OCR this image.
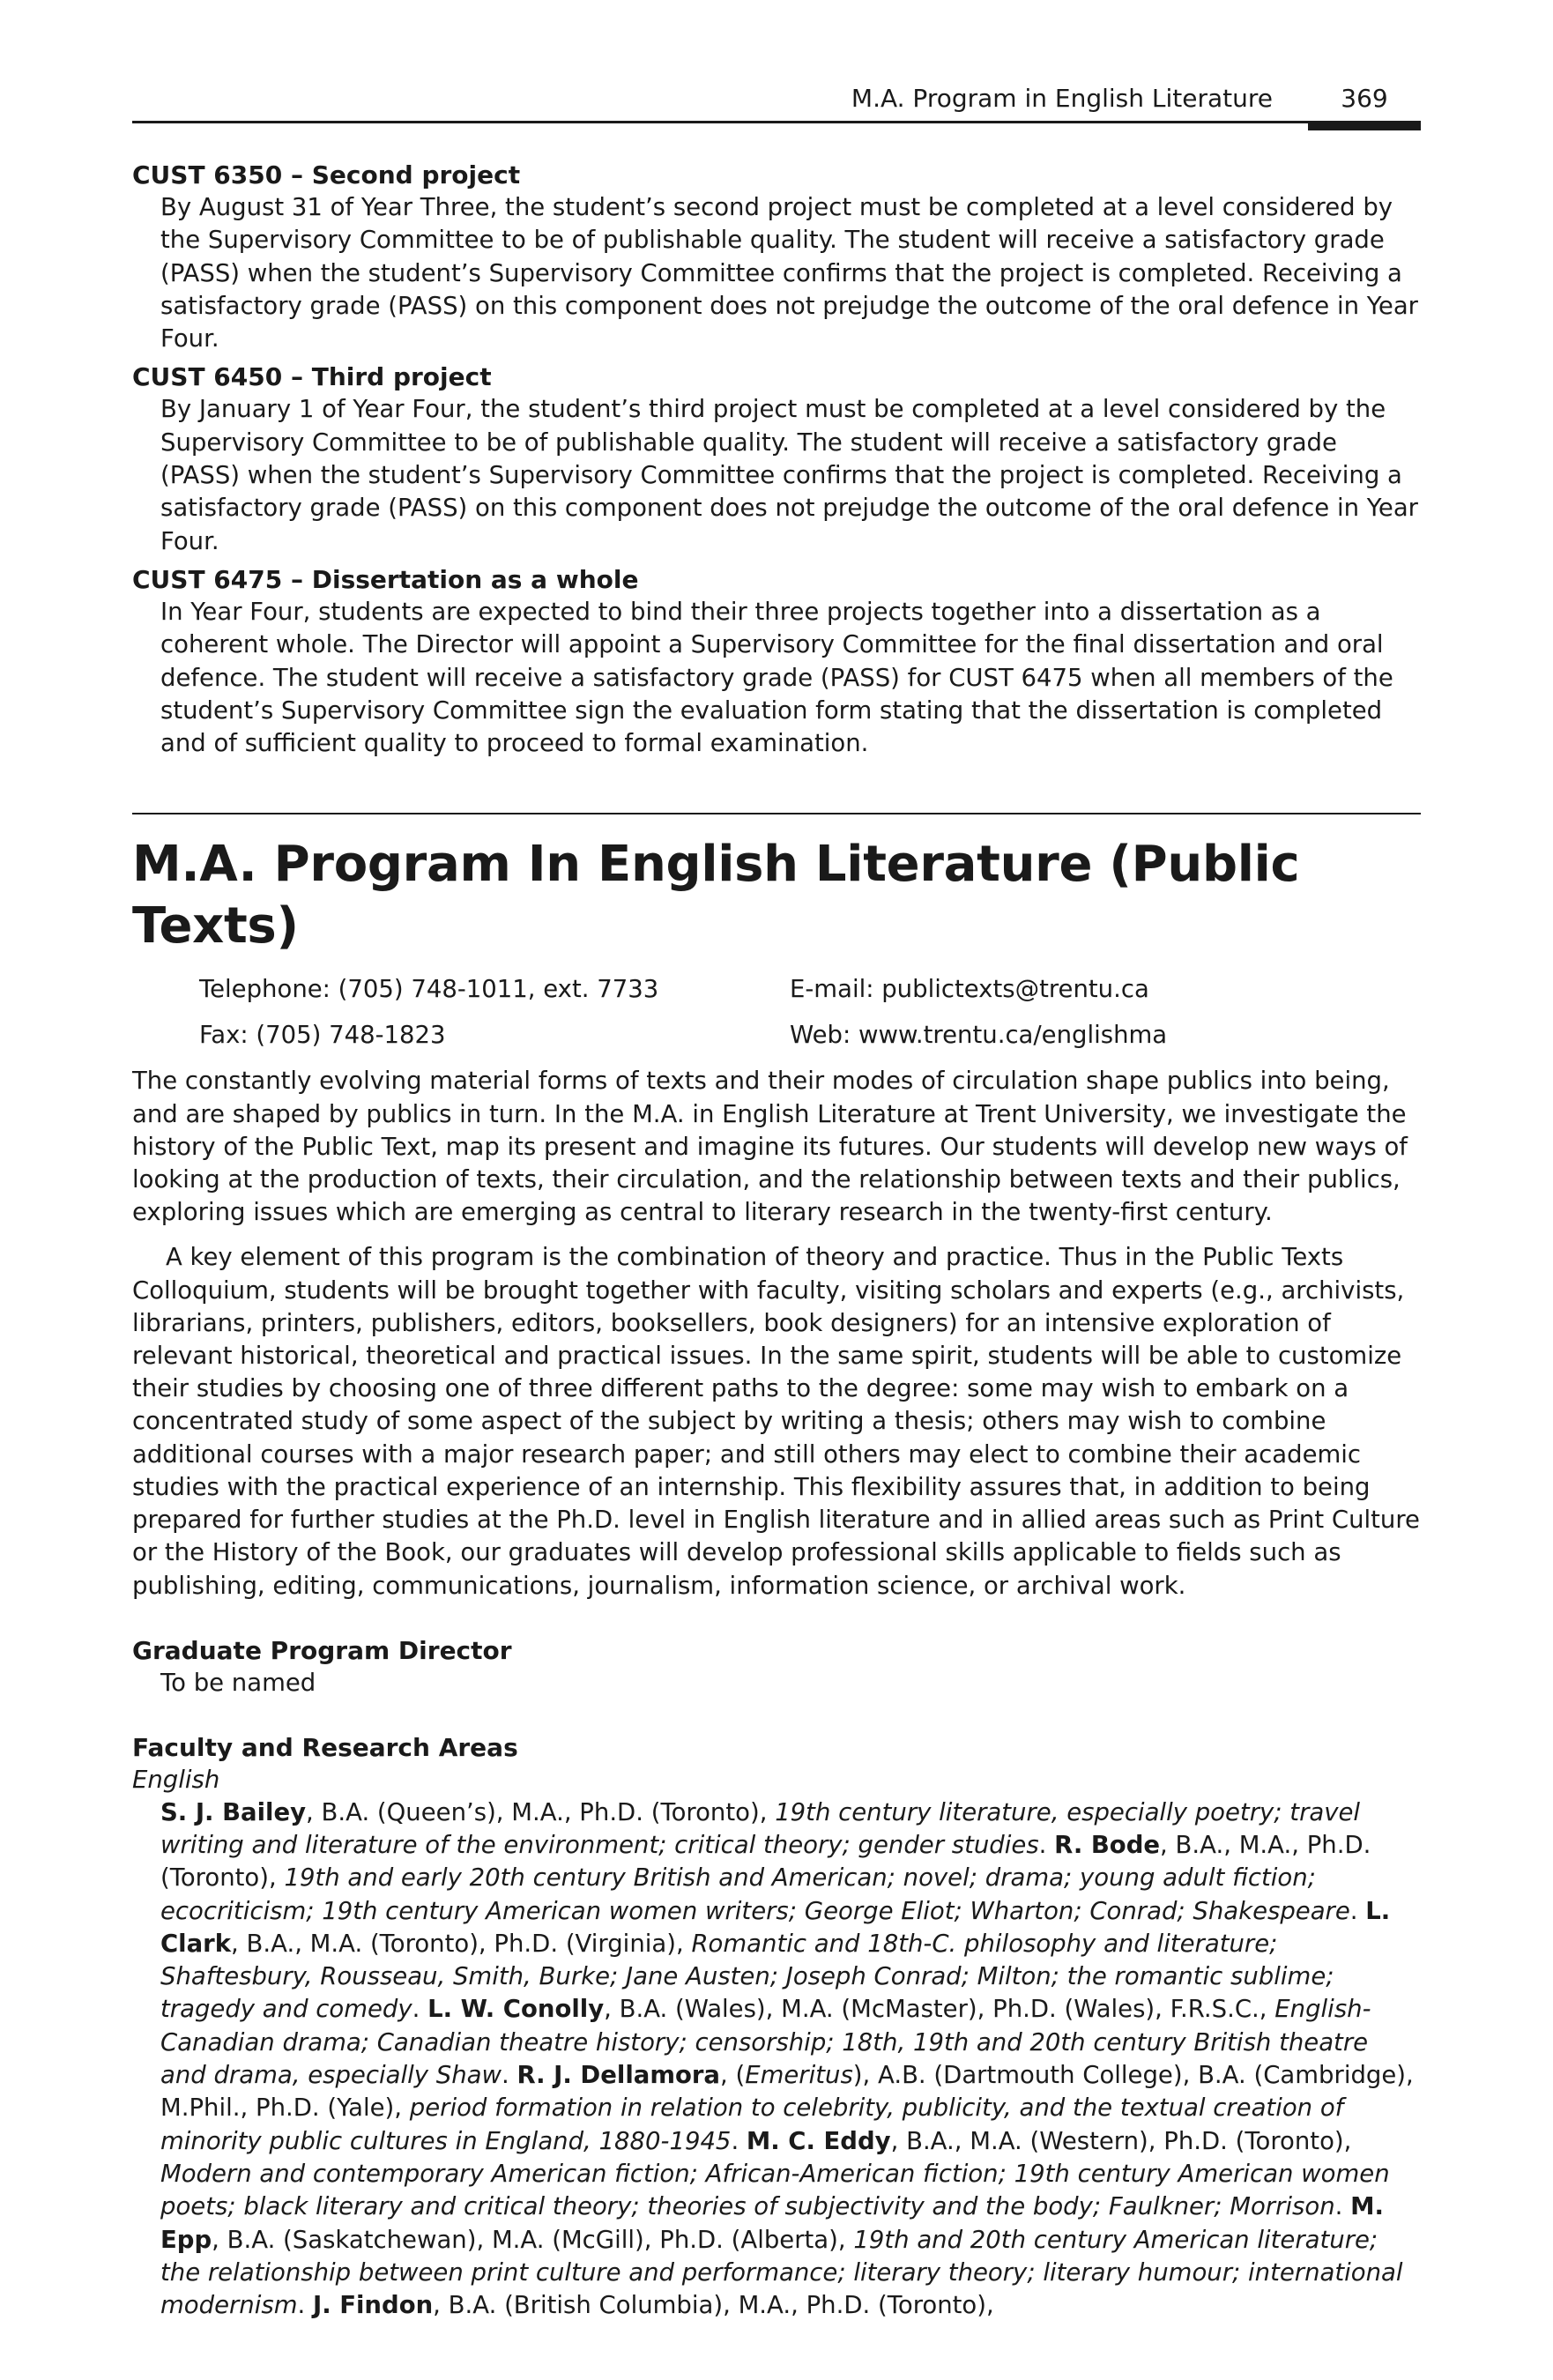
M.A. Program in English Literature	369
CUST 6350 – Second project
By August 31 of Year Three, the student’s second project must be completed at a level considered by the Supervisory Committee to be of publishable quality. The student will receive a satisfactory grade (PASS) when the student’s Supervisory Committee confirms that the project is completed. Receiving a satisfactory grade (PASS) on this component does not prejudge the outcome of the oral defence in Year Four.
CUST 6450 – Third project
By January 1 of Year Four, the student’s third project must be completed at a level considered by the Supervisory Committee to be of publishable quality. The student will receive a satisfactory grade (PASS) when the student’s Supervisory Committee confirms that the project is completed. Receiving a satisfactory grade (PASS) on this component does not prejudge the outcome of the oral defence in Year Four.
CUST 6475 – Dissertation as a whole
In Year Four, students are expected to bind their three projects together into a dissertation as a coherent whole. The Director will appoint a Supervisory Committee for the final dissertation and oral defence. The student will receive a satisfactory grade (PASS) for CUST 6475 when all members of the student’s Supervisory Committee sign the evaluation form stating that the dissertation is completed and of sufficient quality to proceed to formal examination.
M.A. Program In English Literature (Public Texts)
Telephone: (705) 748-1011, ext. 7733	E-mail: publictexts@trentu.ca
Fax: (705) 748-1823	Web: www.trentu.ca/englishma

The constantly evolving material forms of texts and their modes of circulation shape publics into being, and are shaped by publics in turn. In the M.A. in English Literature at Trent University, we investigate the history of the Public Text, map its present and imagine its futures. Our students will develop new ways of looking at the production of texts, their circulation, and the relationship between texts and their publics, exploring issues which are emerging as central to literary research in the twenty-first century.

A key element of this program is the combination of theory and practice. Thus in the Public Texts Colloquium, students will be brought together with faculty, visiting scholars and experts (e.g., archivists, librarians, printers, publishers, editors, booksellers, book designers) for an intensive exploration of relevant historical, theoretical and practical issues. In the same spirit, students will be able to customize their studies by choosing one of three different paths to the degree: some may wish to embark on a concentrated study of some aspect of the subject by writing a thesis; others may wish to combine additional courses with a major research paper; and still others may elect to combine their academic studies with the practical experience of an internship. This flexibility assures that, in addition to being prepared for further studies at the Ph.D. level in English literature and in allied areas such as Print Culture or the History of the Book, our graduates will develop professional skills applicable to fields such as publishing, editing, communications, journalism, information science, or archival work.

Graduate Program Director
To be named
Faculty and Research Areas
English
S. J. Bailey, B.A. (Queen’s), M.A., Ph.D. (Toronto), 19th century literature, especially poetry; travel writing and literature of the environment; critical theory; gender studies. R. Bode, B.A., M.A., Ph.D. (Toronto), 19th and early 20th century British and American; novel; drama; young adult fiction; ecocriticism; 19th century American women writers; George Eliot; Wharton; Conrad; Shakespeare. L. Clark, B.A., M.A. (Toronto), Ph.D. (Virginia), Romantic and 18th-C. philosophy and literature; Shaftesbury, Rousseau, Smith, Burke; Jane Austen; Joseph Conrad; Milton; the romantic sublime; tragedy and comedy. L. W. Conolly, B.A. (Wales), M.A. (McMaster), Ph.D. (Wales), F.R.S.C., English-Canadian drama; Canadian theatre history; censorship; 18th, 19th and 20th century British theatre and drama, especially Shaw. R. J. Dellamora, (Emeritus), A.B. (Dartmouth College), B.A. (Cambridge), M.Phil., Ph.D. (Yale), period formation in relation to celebrity, publicity, and the textual creation of minority public cultures in England, 1880-1945. M. C. Eddy, B.A., M.A. (Western), Ph.D. (Toronto), Modern and contemporary American fiction; African-American fiction; 19th century American women poets; black literary and critical theory; theories of subjectivity and the body; Faulkner; Morrison. M. Epp, B.A. (Saskatchewan), M.A. (McGill), Ph.D. (Alberta), 19th and 20th century American literature; the relationship between print culture and performance; literary theory; literary humour; international modernism. J. Findon, B.A. (British Columbia), M.A., Ph.D. (Toronto),
